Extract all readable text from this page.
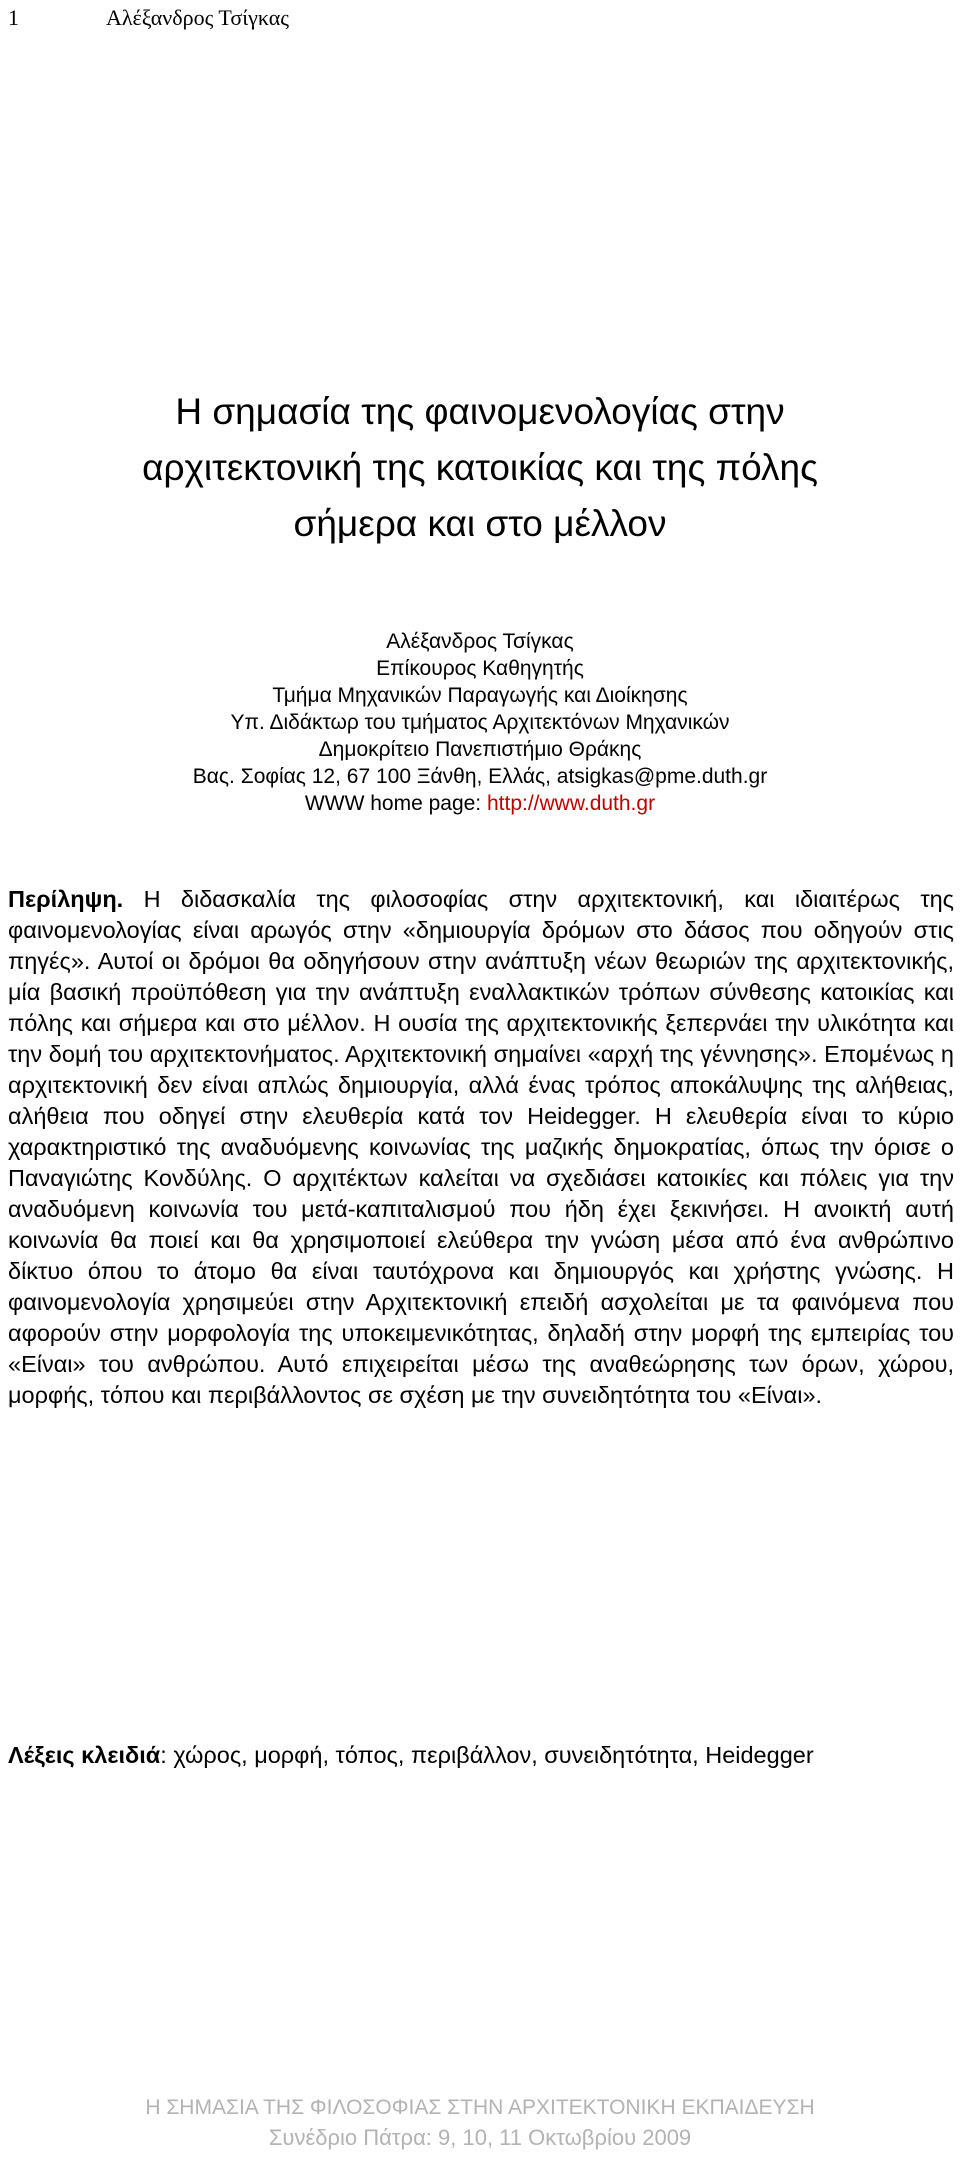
1	Αλέξανδρος Τσίγκας
Η σημασία της φαινομενολογίας στην
αρχιτεκτονική της κατοικίας και της πόλης
σήμερα και στο μέλλον
Αλέξανδρος Τσίγκας
Επίκουρος Καθηγητής
Τμήμα Μηχανικών Παραγωγής και Διοίκησης
Υπ. Διδάκτωρ του τμήματος Αρχιτεκτόνων Μηχανικών
Δημοκρίτειο Πανεπιστήμιο Θράκης
Βας. Σοφίας 12, 67 100 Ξάνθη, Ελλάς, atsigkas@pme.duth.gr
WWW home page: http://www.duth.gr
Περίληψη. Η διδασκαλία της φιλοσοφίας στην αρχιτεκτονική, και ιδιαιτέρως της φαινομενολογίας είναι αρωγός στην «δημιουργία δρόμων στο δάσος που οδηγούν στις πηγές». Αυτοί οι δρόμοι θα οδηγήσουν στην ανάπτυξη νέων θεωριών της αρχιτεκτονικής, μία βασική προϋπόθεση για την ανάπτυξη εναλλακτικών τρόπων σύνθεσης κατοικίας και πόλης και σήμερα και στο μέλλον. Η ουσία της αρχιτεκτονικής ξεπερνάει την υλικότητα και την δομή του αρχιτεκτονήματος. Αρχιτεκτονική σημαίνει «αρχή της γέννησης». Επομένως η αρχιτεκτονική δεν είναι απλώς δημιουργία, αλλά ένας τρόπος αποκάλυψης της αλήθειας, αλήθεια που οδηγεί στην ελευθερία κατά τον Heidegger. Η ελευθερία είναι το κύριο χαρακτηριστικό της αναδυόμενης κοινωνίας της μαζικής δημοκρατίας, όπως την όρισε ο Παναγιώτης Κονδύλης. Ο αρχιτέκτων καλείται να σχεδιάσει κατοικίες και πόλεις για την αναδυόμενη κοινωνία του μετά-καπιταλισμού που ήδη έχει ξεκινήσει. Η ανοικτή αυτή κοινωνία θα ποιεί και θα χρησιμοποιεί ελεύθερα την γνώση μέσα από ένα ανθρώπινο δίκτυο όπου το άτομο θα είναι ταυτόχρονα και δημιουργός και χρήστης γνώσης. Η φαινομενολογία χρησιμεύει στην Αρχιτεκτονική επειδή ασχολείται με τα φαινόμενα που αφορούν στην μορφολογία της υποκειμενικότητας, δηλαδή στην μορφή της εμπειρίας του «Είναι» του ανθρώπου. Αυτό επιχειρείται μέσω της αναθεώρησης των όρων, χώρου, μορφής, τόπου και περιβάλλοντος σε σχέση με την συνειδητότητα του «Είναι».
Λέξεις κλειδιά: χώρος, μορφή, τόπος, περιβάλλον, συνειδητότητα, Heidegger
Η ΣΗΜΑΣΙΑ ΤΗΣ ΦΙΛΟΣΟΦΙΑΣ ΣΤΗΝ ΑΡΧΙΤΕΚΤΟΝΙΚΗ ΕΚΠΑΙΔΕΥΣΗ
Συνέδριο Πάτρα: 9, 10, 11 Οκτωβρίου 2009
